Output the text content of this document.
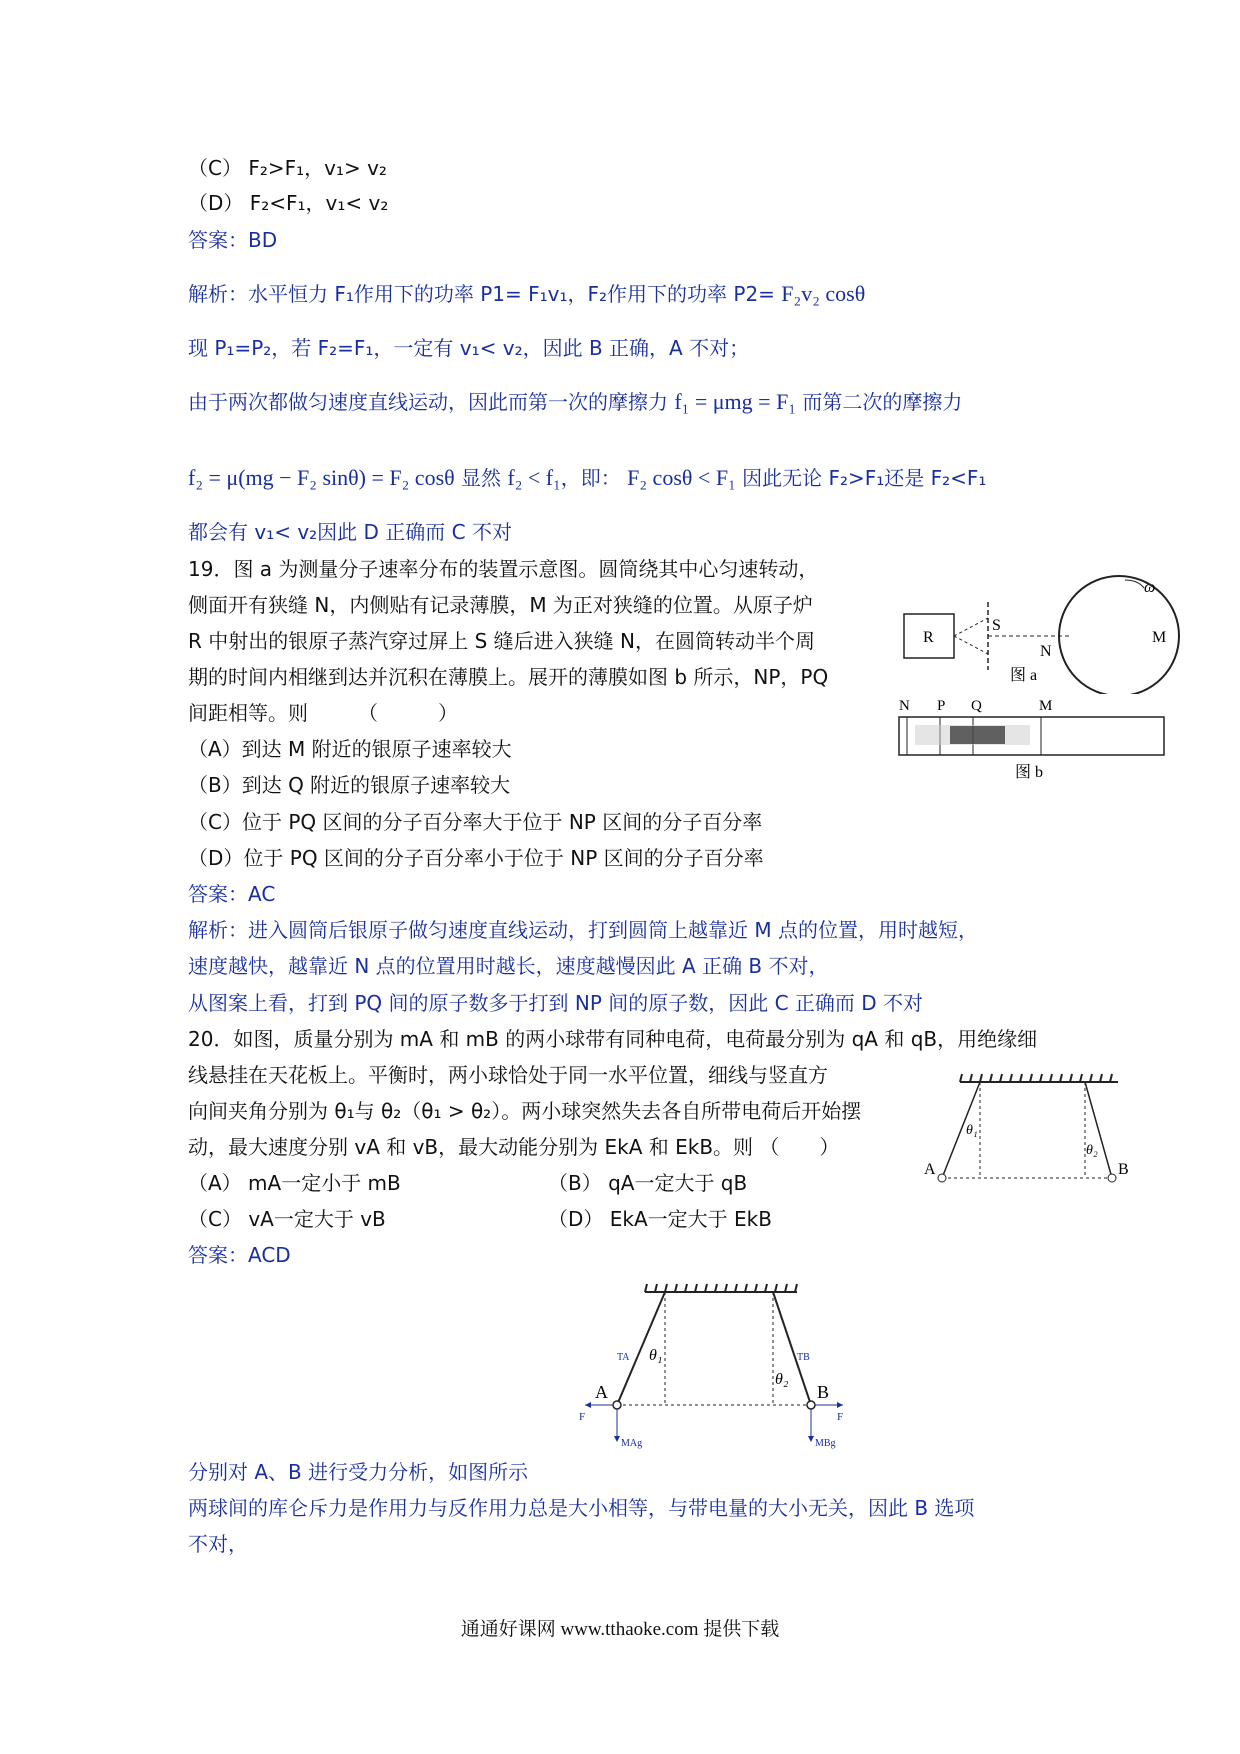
（C） F₂>F₁，v₁> v₂
（D） F₂<F₁，v₁< v₂
答案：BD
解析：水平恒力 F₁作用下的功率 P1= F₁v₁，F₂作用下的功率 P2= F₂v₂ cosθ
现 P₁=P₂，若 F₂=F₁，一定有 v₁< v₂，因此 B 正确，A 不对；
由于两次都做匀速度直线运动，因此而第一次的摩擦力 f₁ = μmg = F₁ 而第二次的摩擦力
f₂ = μ(mg − F₂ sinθ) = F₂ cosθ 显然 f₂ < f₁，即： F₂ cosθ < F₁ 因此无论 F₂>F₁还是 F₂<F₁
都会有 v₁< v₂因此 D 正确而 C 不对
19．图 a 为测量分子速率分布的装置示意图。圆筒绕其中心匀速转动，
侧面开有狭缝 N，内侧贴有记录薄膜，M 为正对狭缝的位置。从原子炉
R 中射出的银原子蒸汽穿过屏上 S 缝后进入狭缝 N，在圆筒转动半个周
期的时间内相继到达并沉积在薄膜上。展开的薄膜如图 b 所示，NP，PQ
间距相等。则　　　（　　　）
（A）到达 M 附近的银原子速率较大
（B）到达 Q 附近的银原子速率较大
（C）位于 PQ 区间的分子百分率大于位于 NP 区间的分子百分率
（D）位于 PQ 区间的分子百分率小于位于 NP 区间的分子百分率
答案：AC
解析：进入圆筒后银原子做匀速度直线运动，打到圆筒上越靠近 M 点的位置，用时越短，
速度越快，越靠近 N 点的位置用时越长，速度越慢因此 A 正确 B 不对，
从图案上看，打到 PQ 间的原子数多于打到 NP 间的原子数，因此 C 正确而 D 不对
20．如图，质量分别为 mA 和 mB 的两小球带有同种电荷，电荷最分别为 qA 和 qB，用绝缘细
线悬挂在天花板上。平衡时，两小球恰处于同一水平位置，细线与竖直方
向间夹角分别为 θ₁与 θ₂（θ₁ > θ₂）。两小球突然失去各自所带电荷后开始摆
动，最大速度分别 vA 和 vB，最大动能分别为 EkA 和 EkB。则 （　　）
（A） mA一定小于 mB	（B） qA一定大于 qB
（C） vA一定大于 vB	（D） EkA一定大于 EkB
答案：ACD
分别对 A、B 进行受力分析，如图所示
两球间的库仑斥力是作用力与反作用力总是大小相等，与带电量的大小无关，因此 B 选项
不对，
R
S
N
M
ω
图 a
N P Q	M
图 b
A	B
θ₁
θ₂
A	B
θ₁
θ₂
TA	TB
F	F
MAg	MBg
通通好课网 www.tthaoke.com 提供下载
